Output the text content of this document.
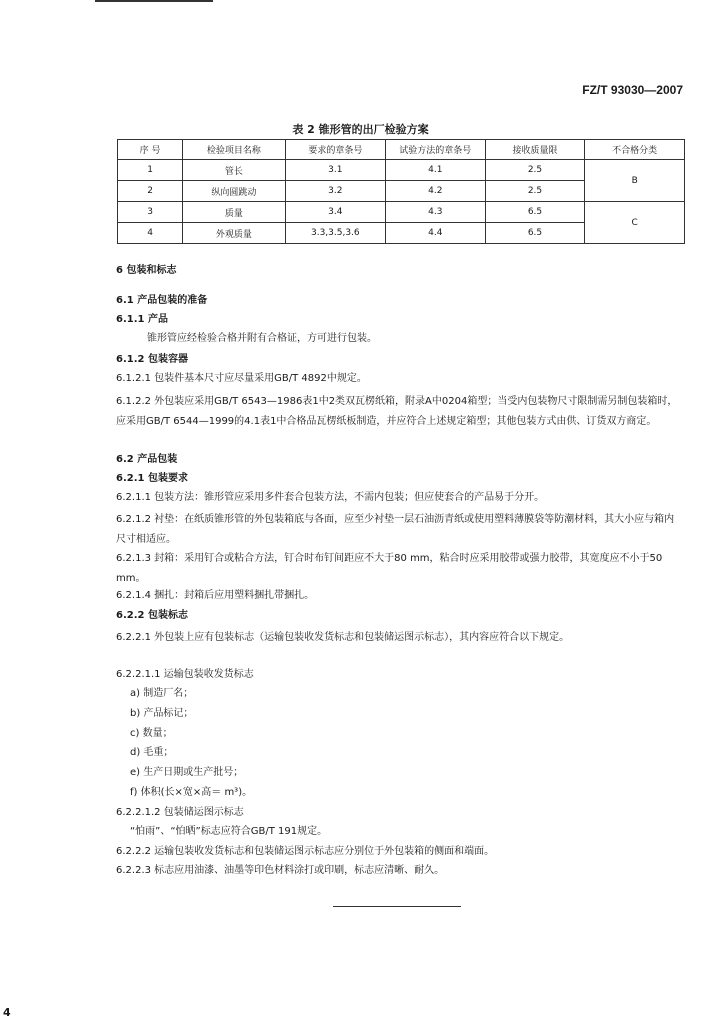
FZ/T 93030—2007
表 2 锥形管的出厂检验方案
序 号	检验项目名称	要求的章条号	试验方法的章条号	接收质量限	不合格分类
1	管长	3.1	4.1	2.5	B
2	纵向圆跳动	3.2	4.2	2.5	
3	质量	3.4	4.3	6.5	C
4	外观质量	3.3,3.5,3.6	4.4	6.5	
6 包装和标志
6.1 产品包装的准备
6.1.1 产品
锥形管应经检验合格并附有合格证，方可进行包装。
6.1.2 包装容器
6.1.2.1 包装件基本尺寸应尽量采用GB/T 4892中规定。
6.1.2.2 外包装应采用GB/T 6543—1986表1中2类双瓦楞纸箱，附录A中0204箱型；当受内包装物尺寸限制需另制包装箱时，应采用GB/T 6544—1999的4.1表1中合格品瓦楞纸板制造，并应符合上述规定箱型；其他包装方式由供、订货双方商定。
6.2 产品包装
6.2.1 包装要求
6.2.1.1 包装方法：锥形管应采用多件套合包装方法，不需内包装；但应使套合的产品易于分开。
6.2.1.2 衬垫：在纸质锥形管的外包装箱底与各面，应至少衬垫一层石油沥青纸或使用塑料薄膜袋等防潮材料，其大小应与箱内尺寸相适应。
6.2.1.3 封箱：采用钉合或粘合方法，钉合时布钉间距应不大于80 mm，粘合时应采用胶带或强力胶带，其宽度应不小于50 mm。
6.2.1.4 捆扎：封箱后应用塑料捆扎带捆扎。
6.2.2 包装标志
6.2.2.1 外包装上应有包装标志（运输包装收发货标志和包装储运图示标志），其内容应符合以下规定。
6.2.2.1.1 运输包装收发货标志
a) 制造厂名；
b) 产品标记；
c) 数量；
d) 毛重；
e) 生产日期或生产批号；
f) 体积(长×宽×高＝ m³)。
6.2.2.1.2 包装储运图示标志
“怕雨”、“怕晒”标志应符合GB/T 191规定。
6.2.2.2 运输包装收发货标志和包装储运图示标志应分别位于外包装箱的侧面和端面。
6.2.2.3 标志应用油漆、油墨等印色材料涂打或印刷，标志应清晰、耐久。
4
